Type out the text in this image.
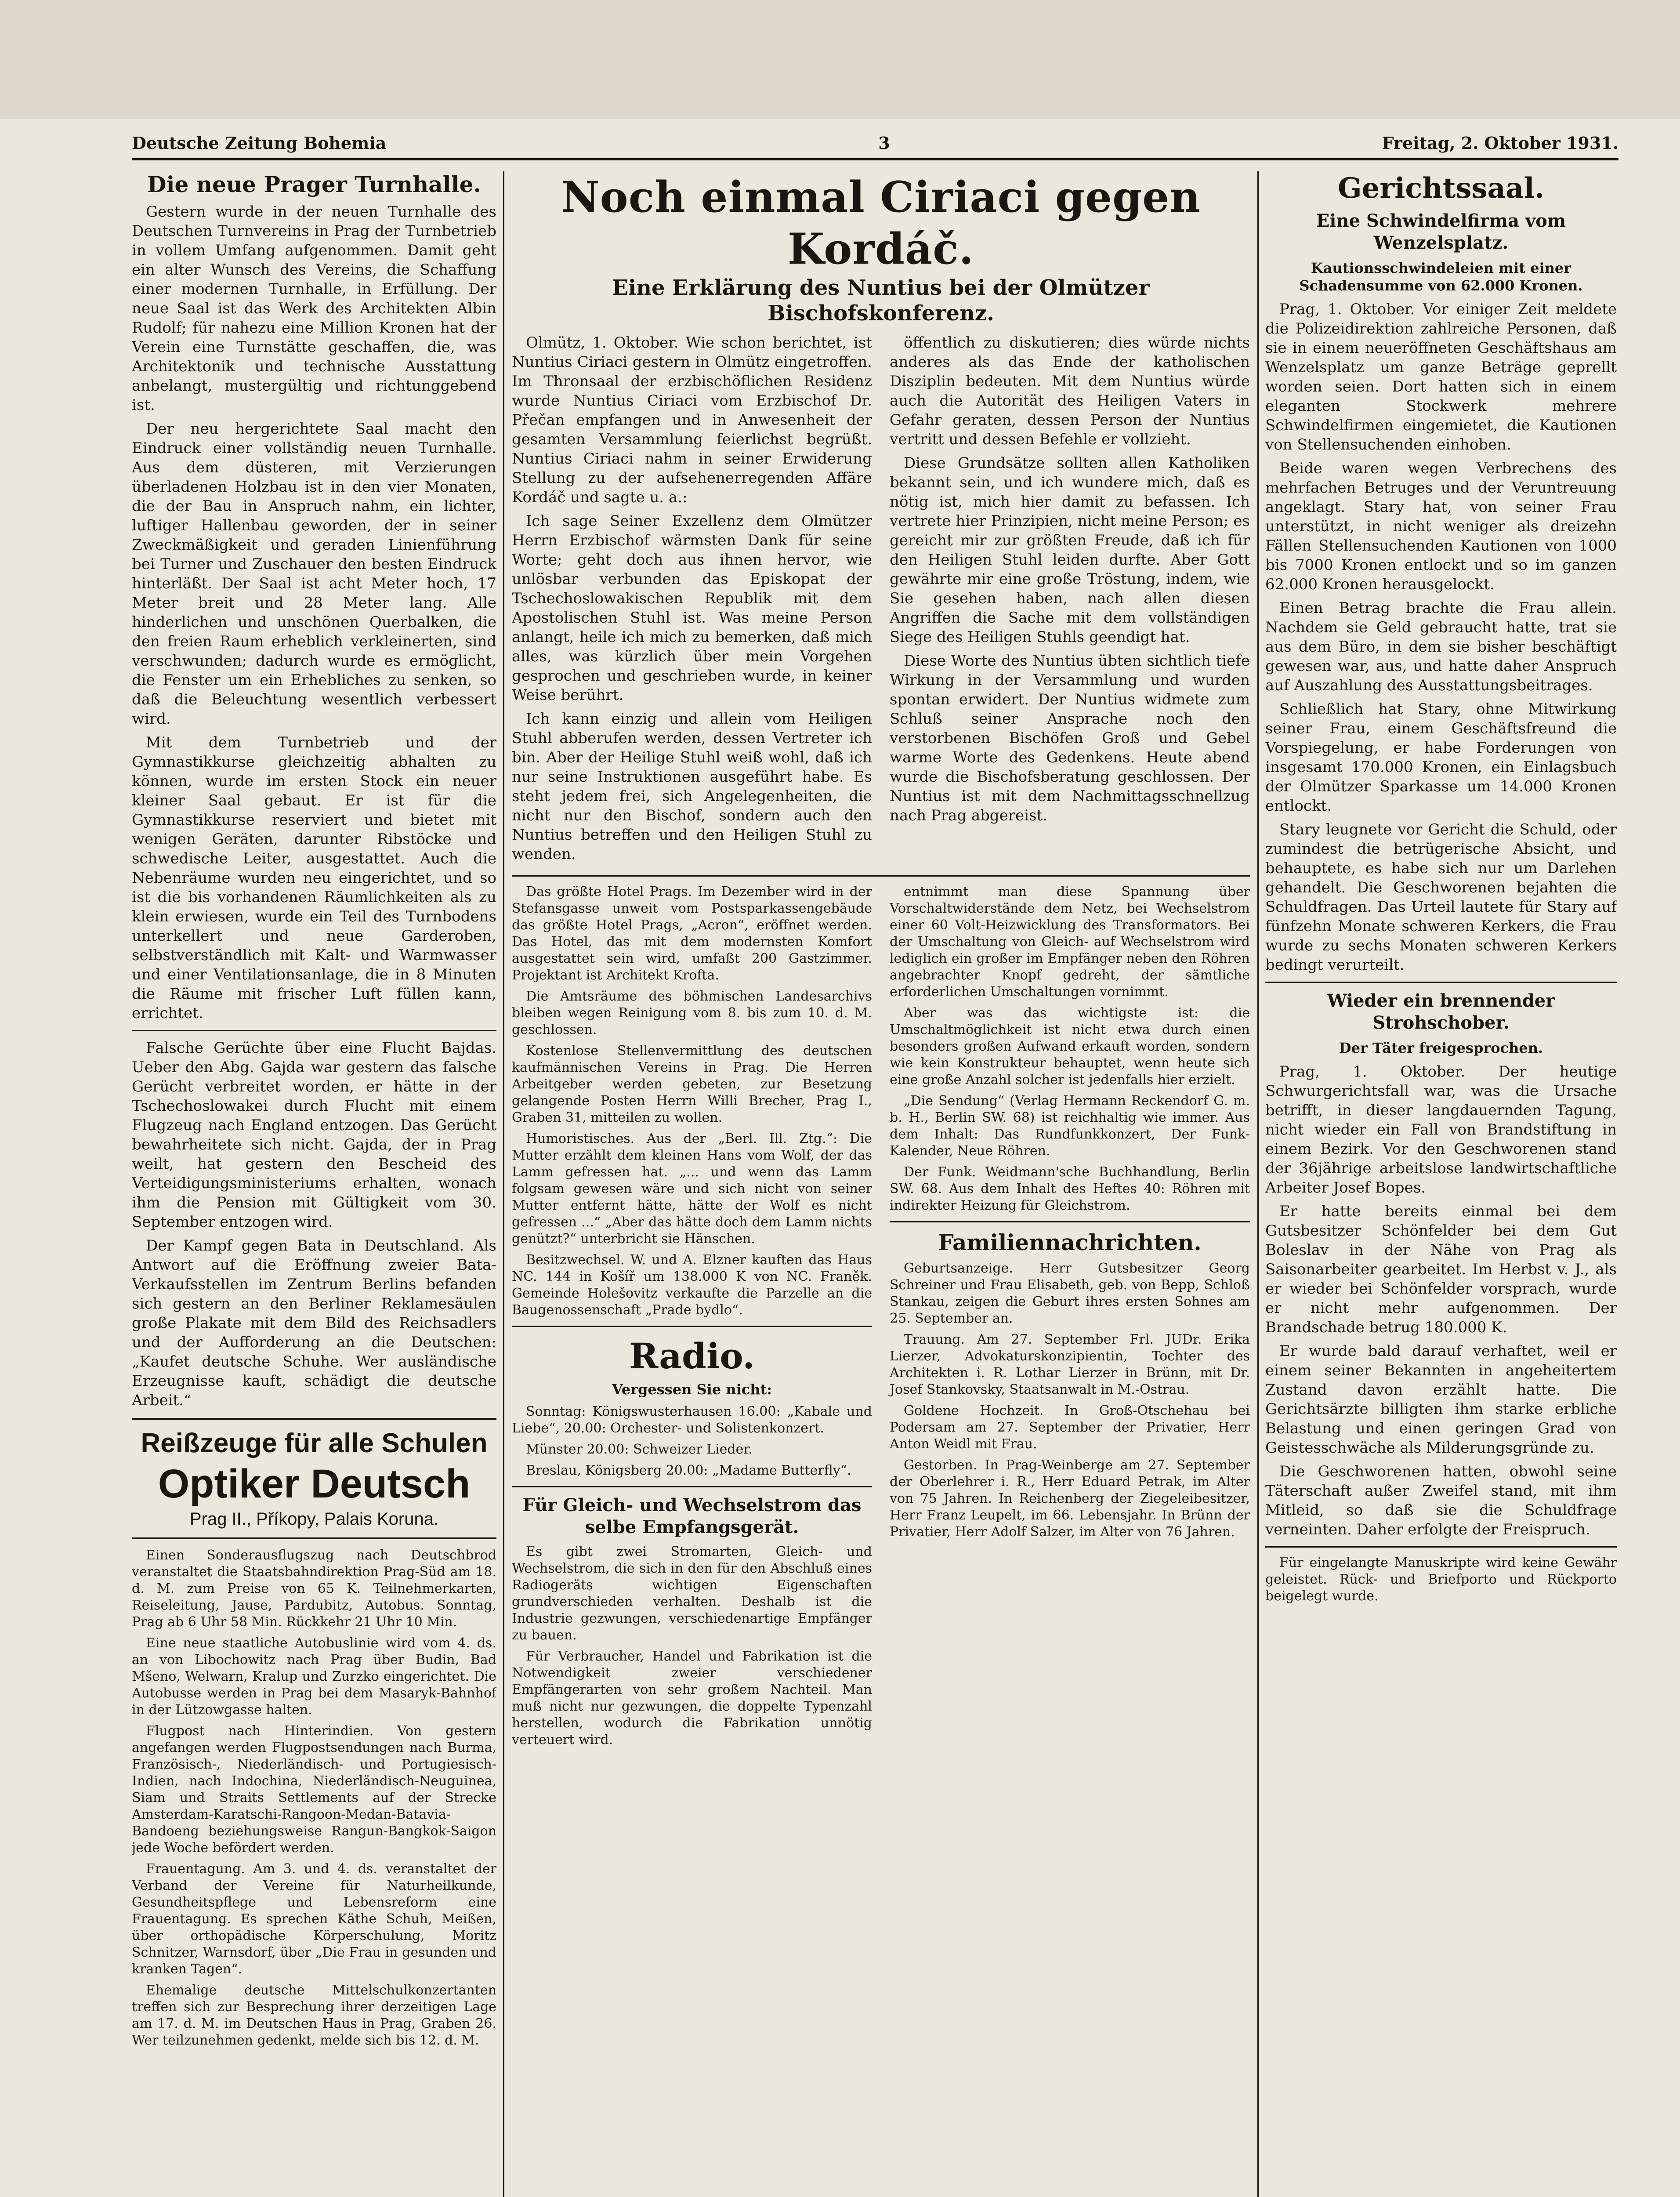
Deutsche Zeitung Bohemia	3	Freitag, 2. Oktober 1931.
Die neue Prager Turnhalle.

Gestern wurde in der neuen Turnhalle des Deutschen Turnvereins in Prag der Turnbetrieb in vollem Umfang aufgenommen. Damit geht ein alter Wunsch des Vereins, die Schaffung einer modernen Turnhalle, in Erfüllung. Der neue Saal ist das Werk des Architekten Albin Rudolf; für nahezu eine Million Kronen hat der Verein eine Turnstätte geschaffen, die, was Architektonik und technische Ausstattung anbelangt, mustergültig und richtunggebend ist.

Der neu hergerichtete Saal macht den Eindruck einer vollständig neuen Turnhalle. Aus dem düsteren, mit Verzierungen überladenen Holzbau ist in den vier Monaten, die der Bau in Anspruch nahm, ein lichter, luftiger Hallenbau geworden, der in seiner Zweckmäßigkeit und geraden Linienführung bei Turner und Zuschauer den besten Eindruck hinterläßt. Der Saal ist acht Meter hoch, 17 Meter breit und 28 Meter lang. Alle hinderlichen und unschönen Querbalken, die den freien Raum erheblich verkleinerten, sind verschwunden; dadurch wurde es ermöglicht, die Fenster um ein Erhebliches zu senken, so daß die Beleuchtung wesentlich verbessert wird.

Mit dem Turnbetrieb und der Gymnastikkurse gleichzeitig abhalten zu können, wurde im ersten Stock ein neuer kleiner Saal gebaut. Er ist für die Gymnastikkurse reserviert und bietet mit wenigen Geräten, darunter Ribstöcke und schwedische Leiter, ausgestattet. Auch die Nebenräume wurden neu eingerichtet, und so ist die bis vorhandenen Räumlichkeiten als zu klein erwiesen, wurde ein Teil des Turnbodens unterkellert und neue Garderoben, selbstverständlich mit Kalt- und Warmwasser und einer Ventilationsanlage, die in 8 Minuten die Räume mit frischer Luft füllen kann, errichtet.

Falsche Gerüchte über eine Flucht Bajdas. Ueber den Abg. Gajda war gestern das falsche Gerücht verbreitet worden, er hätte in der Tschechoslowakei durch Flucht mit einem Flugzeug nach England entzogen. Das Gerücht bewahrheitete sich nicht. Gajda, der in Prag weilt, hat gestern den Bescheid des Verteidigungsministeriums erhalten, wonach ihm die Pension mit Gültigkeit vom 30. September entzogen wird.

Der Kampf gegen Bata in Deutschland. Als Antwort auf die Eröffnung zweier Bata-Verkaufsstellen im Zentrum Berlins befanden sich gestern an den Berliner Reklamesäulen große Plakate mit dem Bild des Reichsadlers und der Aufforderung an die Deutschen: „Kaufet deutsche Schuhe. Wer ausländische Erzeugnisse kauft, schädigt die deutsche Arbeit.“

Reißzeuge für alle Schulen
Optiker Deutsch
Prag II., Příkopy, Palais Koruna.

Einen Sonderausflugszug nach Deutschbrod veranstaltet die Staatsbahndirektion Prag-Süd am 18. d. M. zum Preise von 65 K. Teilnehmerkarten, Reiseleitung, Jause, Pardubitz, Autobus. Sonntag, Prag ab 6 Uhr 58 Min. Rückkehr 21 Uhr 10 Min.

Eine neue staatliche Autobuslinie wird vom 4. ds. an von Libochowitz nach Prag über Budin, Bad Mšeno, Welwarn, Kralup und Zurzko eingerichtet. Die Autobusse werden in Prag bei dem Masaryk-Bahnhof in der Lützowgasse halten.

Flugpost nach Hinterindien. Von gestern angefangen werden Flugpostsendungen nach Burma, Französisch-, Niederländisch- und Portugiesisch-Indien, nach Indochina, Niederländisch-Neuguinea, Siam und Straits Settlements auf der Strecke Amsterdam-Karatschi-Rangoon-Medan-Batavia-Bandoeng beziehungsweise Rangun-Bangkok-Saigon jede Woche befördert werden.

Frauentagung. Am 3. und 4. ds. veranstaltet der Verband der Vereine für Naturheilkunde, Gesundheitspflege und Lebensreform eine Frauentagung. Es sprechen Käthe Schuh, Meißen, über orthopädische Körperschulung, Moritz Schnitzer, Warnsdorf, über „Die Frau in gesunden und kranken Tagen“.

Ehemalige deutsche Mittelschulkonzertanten treffen sich zur Besprechung ihrer derzeitigen Lage am 17. d. M. im Deutschen Haus in Prag, Graben 26. Wer teilzunehmen gedenkt, melde sich bis 12. d. M.

Noch einmal Ciriaci gegen Kordáč.
Eine Erklärung des Nuntius bei der Olmützer Bischofskonferenz.

Olmütz, 1. Oktober. Wie schon berichtet, ist Nuntius Ciriaci gestern in Olmütz eingetroffen. Im Thronsaal der erzbischöflichen Residenz wurde Nuntius Ciriaci vom Erzbischof Dr. Přečan empfangen und in Anwesenheit der gesamten Versammlung feierlichst begrüßt. Nuntius Ciriaci nahm in seiner Erwiderung Stellung zu der aufsehenerregenden Affäre Kordáč und sagte u. a.:

Ich sage Seiner Exzellenz dem Olmützer Herrn Erzbischof wärmsten Dank für seine Worte; geht doch aus ihnen hervor, wie unlösbar verbunden das Episkopat der Tschechoslowakischen Republik mit dem Apostolischen Stuhl ist. Was meine Person anlangt, heile ich mich zu bemerken, daß mich alles, was kürzlich über mein Vorgehen gesprochen und geschrieben wurde, in keiner Weise berührt.

Ich kann einzig und allein vom Heiligen Stuhl abberufen werden, dessen Vertreter ich bin. Aber der Heilige Stuhl weiß wohl, daß ich nur seine Instruktionen ausgeführt habe. Es steht jedem frei, sich Angelegenheiten, die nicht nur den Bischof, sondern auch den Nuntius betreffen und den Heiligen Stuhl zu wenden.

öffentlich zu diskutieren; dies würde nichts anderes als das Ende der katholischen Disziplin bedeuten. Mit dem Nuntius würde auch die Autorität des Heiligen Vaters in Gefahr geraten, dessen Person der Nuntius vertritt und dessen Befehle er vollzieht.

Diese Grundsätze sollten allen Katholiken bekannt sein, und ich wundere mich, daß es nötig ist, mich hier damit zu befassen. Ich vertrete hier Prinzipien, nicht meine Person; es gereicht mir zur größten Freude, daß ich für den Heiligen Stuhl leiden durfte. Aber Gott gewährte mir eine große Tröstung, indem, wie Sie gesehen haben, nach allen diesen Angriffen die Sache mit dem vollständigen Siege des Heiligen Stuhls geendigt hat.

Diese Worte des Nuntius übten sichtlich tiefe Wirkung in der Versammlung und wurden spontan erwidert. Der Nuntius widmete zum Schluß seiner Ansprache noch den verstorbenen Bischöfen Groß und Gebel warme Worte des Gedenkens. Heute abend wurde die Bischofsberatung geschlossen. Der Nuntius ist mit dem Nachmittagsschnellzug nach Prag abgereist.

Das größte Hotel Prags. Im Dezember wird in der Stefansgasse unweit vom Postsparkassengebäude das größte Hotel Prags, „Acron“, eröffnet werden. Das Hotel, das mit dem modernsten Komfort ausgestattet sein wird, umfaßt 200 Gastzimmer. Projektant ist Architekt Krofta.

Die Amtsräume des böhmischen Landesarchivs bleiben wegen Reinigung vom 8. bis zum 10. d. M. geschlossen.

Kostenlose Stellenvermittlung des deutschen kaufmännischen Vereins in Prag. Die Herren Arbeitgeber werden gebeten, zur Besetzung gelangende Posten Herrn Willi Brecher, Prag I., Graben 31, mitteilen zu wollen.

Humoristisches. Aus der „Berl. Ill. Ztg.“: Die Mutter erzählt dem kleinen Hans vom Wolf, der das Lamm gefressen hat. „... und wenn das Lamm folgsam gewesen wäre und sich nicht von seiner Mutter entfernt hätte, hätte der Wolf es nicht gefressen ...“ „Aber das hätte doch dem Lamm nichts genützt?“ unterbricht sie Hänschen.

Besitzwechsel. W. und A. Elzner kauften das Haus NC. 144 in Košíř um 138.000 K von NC. Franěk. Gemeinde Holešovitz verkaufte die Parzelle an die Baugenossenschaft „Prade bydlo“.

Radio.
Vergessen Sie nicht:

Sonntag: Königswusterhausen 16.00: „Kabale und Liebe“, 20.00: Orchester- und Solistenkonzert.

Münster 20.00: Schweizer Lieder.

Breslau, Königsberg 20.00: „Madame Butterfly“.

Für Gleich- und Wechselstrom das selbe Empfangsgerät.

Es gibt zwei Stromarten, Gleich- und Wechselstrom, die sich in den für den Abschluß eines Radiogeräts wichtigen Eigenschaften grundverschieden verhalten. Deshalb ist die Industrie gezwungen, verschiedenartige Empfänger zu bauen.

Für Verbraucher, Handel und Fabrikation ist die Notwendigkeit zweier verschiedener Empfängerarten von sehr großem Nachteil. Man muß nicht nur gezwungen, die doppelte Typenzahl herstellen, wodurch die Fabrikation unnötig verteuert wird.

entnimmt man diese Spannung über Vorschaltwiderstände dem Netz, bei Wechselstrom einer 60 Volt-Heizwicklung des Transformators. Bei der Umschaltung von Gleich- auf Wechselstrom wird lediglich ein großer im Empfänger neben den Röhren angebrachter Knopf gedreht, der sämtliche erforderlichen Umschaltungen vornimmt.

Aber was das wichtigste ist: die Umschaltmöglichkeit ist nicht etwa durch einen besonders großen Aufwand erkauft worden, sondern wie kein Konstrukteur behauptet, wenn heute sich eine große Anzahl solcher ist jedenfalls hier erzielt.

„Die Sendung“ (Verlag Hermann Reckendorf G. m. b. H., Berlin SW. 68) ist reichhaltig wie immer. Aus dem Inhalt: Das Rundfunkkonzert, Der Funk-Kalender, Neue Röhren.

Der Funk. Weidmann'sche Buchhandlung, Berlin SW. 68. Aus dem Inhalt des Heftes 40: Röhren mit indirekter Heizung für Gleichstrom.

Familiennachrichten.

Geburtsanzeige. Herr Gutsbesitzer Georg Schreiner und Frau Elisabeth, geb. von Bepp, Schloß Stankau, zeigen die Geburt ihres ersten Sohnes am 25. September an.

Trauung. Am 27. September Frl. JUDr. Erika Lierzer, Advokaturskonzipientin, Tochter des Architekten i. R. Lothar Lierzer in Brünn, mit Dr. Josef Stankovsky, Staatsanwalt in M.-Ostrau.

Goldene Hochzeit. In Groß-Otschehau bei Podersam am 27. September der Privatier, Herr Anton Weidl mit Frau.

Gestorben. In Prag-Weinberge am 27. September der Oberlehrer i. R., Herr Eduard Petrak, im Alter von 75 Jahren. In Reichenberg der Ziegeleibesitzer, Herr Franz Leupelt, im 66. Lebensjahr. In Brünn der Privatier, Herr Adolf Salzer, im Alter von 76 Jahren.

Gerichtssaal.
Eine Schwindelfirma vom Wenzelsplatz.
Kautionsschwindeleien mit einer Schadensumme von 62.000 Kronen.

Prag, 1. Oktober. Vor einiger Zeit meldete die Polizeidirektion zahlreiche Personen, daß sie in einem neueröffneten Geschäftshaus am Wenzelsplatz um ganze Beträge geprellt worden seien. Dort hatten sich in einem eleganten Stockwerk mehrere Schwindelfirmen eingemietet, die Kautionen von Stellensuchenden einhoben.

Beide waren wegen Verbrechens des mehrfachen Betruges und der Veruntreuung angeklagt. Stary hat, von seiner Frau unterstützt, in nicht weniger als dreizehn Fällen Stellensuchenden Kautionen von 1000 bis 7000 Kronen entlockt und so im ganzen 62.000 Kronen herausgelockt.

Einen Betrag brachte die Frau allein. Nachdem sie Geld gebraucht hatte, trat sie aus dem Büro, in dem sie bisher beschäftigt gewesen war, aus, und hatte daher Anspruch auf Auszahlung des Ausstattungsbeitrages.

Schließlich hat Stary, ohne Mitwirkung seiner Frau, einem Geschäftsfreund die Vorspiegelung, er habe Forderungen von insgesamt 170.000 Kronen, ein Einlagsbuch der Olmützer Sparkasse um 14.000 Kronen entlockt.

Stary leugnete vor Gericht die Schuld, oder zumindest die betrügerische Absicht, und behauptete, es habe sich nur um Darlehen gehandelt. Die Geschworenen bejahten die Schuldfragen. Das Urteil lautete für Stary auf fünfzehn Monate schweren Kerkers, die Frau wurde zu sechs Monaten schweren Kerkers bedingt verurteilt.

Wieder ein brennender Strohschober.
Der Täter freigesprochen.

Prag, 1. Oktober. Der heutige Schwurgerichtsfall war, was die Ursache betrifft, in dieser langdauernden Tagung, nicht wieder ein Fall von Brandstiftung in einem Bezirk. Vor den Geschworenen stand der 36jährige arbeitslose landwirtschaftliche Arbeiter Josef Bopes.

Er hatte bereits einmal bei dem Gutsbesitzer Schönfelder bei dem Gut Boleslav in der Nähe von Prag als Saisonarbeiter gearbeitet. Im Herbst v. J., als er wieder bei Schönfelder vorsprach, wurde er nicht mehr aufgenommen. Der Brandschade betrug 180.000 K.

Er wurde bald darauf verhaftet, weil er einem seiner Bekannten in angeheitertem Zustand davon erzählt hatte. Die Gerichtsärzte billigten ihm starke erbliche Belastung und einen geringen Grad von Geistesschwäche als Milderungsgründe zu.

Die Geschworenen hatten, obwohl seine Täterschaft außer Zweifel stand, mit ihm Mitleid, so daß sie die Schuldfrage verneinten. Daher erfolgte der Freispruch.

Für eingelangte Manuskripte wird keine Gewähr geleistet. Rück- und Briefporto und Rückporto beigelegt wurde.
